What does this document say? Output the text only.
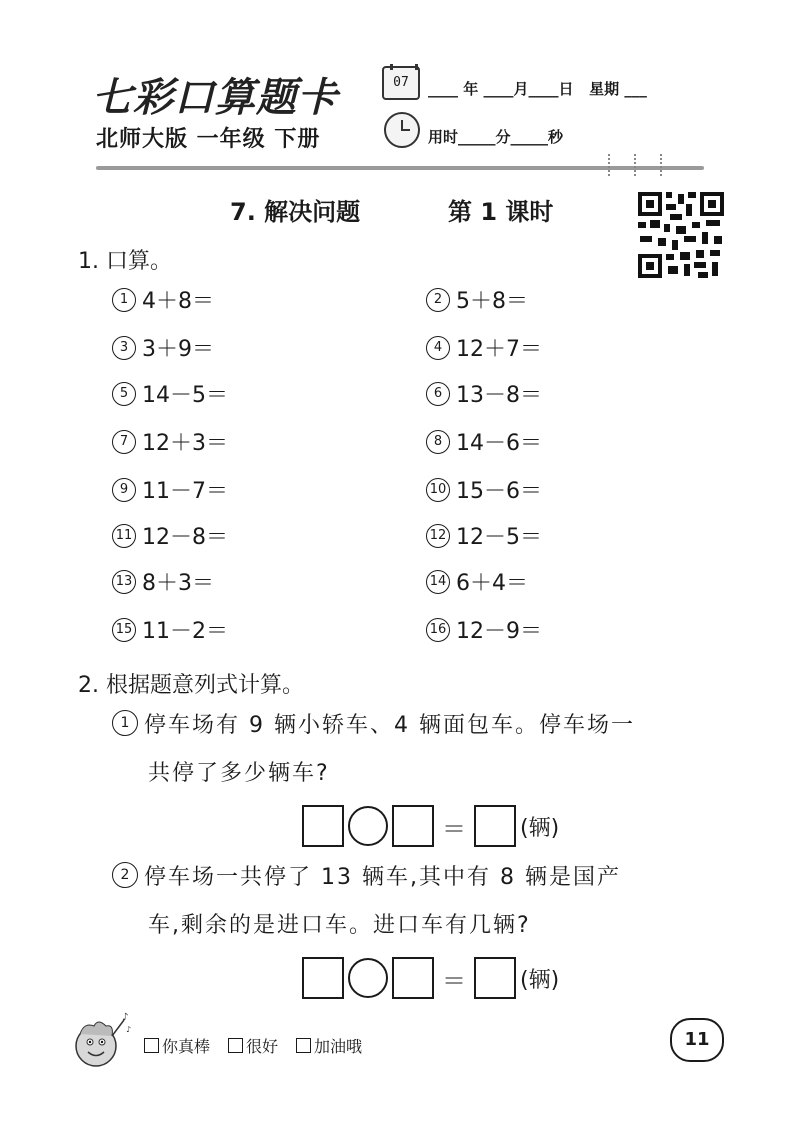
七彩口算题卡	07	____ 年 ____月____日   星期 ___
北师大版 一年级 下册	用时_____分_____秒
7. 解决问题	第 1 课时
1. 口算。
1 4＋8＝	2 5＋8＝
3 3＋9＝	4 12＋7＝
5 14－5＝	6 13－8＝
7 12＋3＝	8 14－6＝
9 11－7＝	10 15－6＝
11 12－8＝	12 12－5＝
13 8＋3＝	14 6＋4＝
15 11－2＝	16 12－9＝
2. 根据题意列式计算。
1 停车场有 9 辆小轿车、4 辆面包车。停车场一
共停了多少辆车?
＝ (辆)
2 停车场一共停了 13 辆车,其中有 8 辆是国产
车,剩余的是进口车。进口车有几辆?
＝ (辆)
♪
♪
你真棒 很好 加油哦	11
